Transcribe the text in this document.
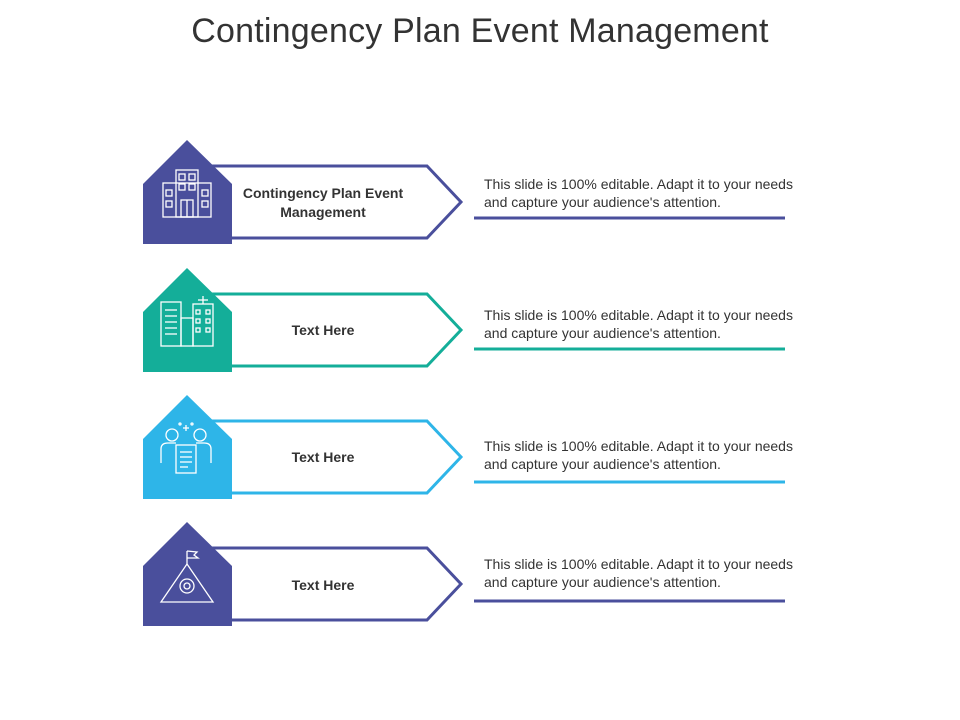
Contingency Plan Event Management
Contingency Plan Event Management
This slide is 100% editable. Adapt it to your needs and capture your audience's attention.
Text Here
This slide is 100% editable. Adapt it to your needs and capture your audience's attention.
Text Here
This slide is 100% editable. Adapt it to your needs and capture your audience's attention.
Text Here
This slide is 100% editable. Adapt it to your needs and capture your audience's attention.
